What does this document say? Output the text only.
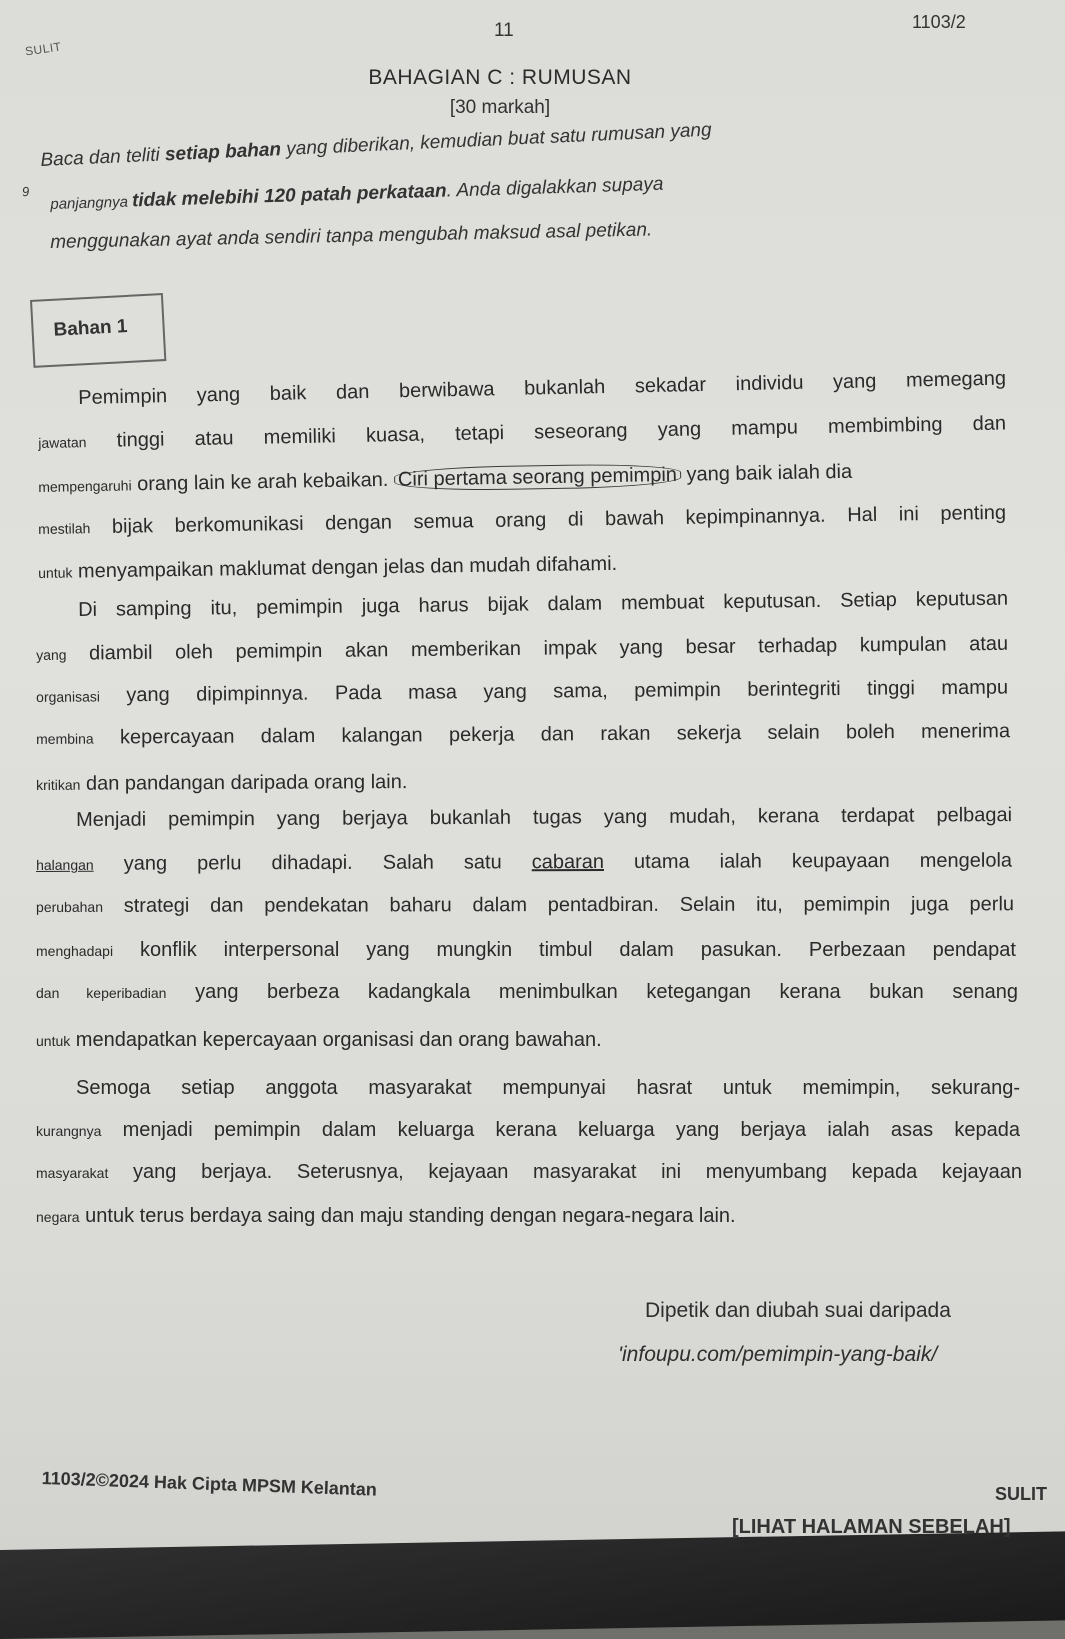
11	1103/2
SULIT
BAHAGIAN C : RUMUSAN
[30 markah]
9
Baca dan teliti setiap bahan yang diberikan, kemudian buat satu rumusan yang
panjangnya tidak melebihi 120 patah perkataan. Anda digalakkan supaya
menggunakan ayat anda sendiri tanpa mengubah maksud asal petikan.
Bahan 1
Pemimpin yang baik dan berwibawa bukanlah sekadar individu yang memegang
jawatan tinggi atau memiliki kuasa, tetapi seseorang yang mampu membimbing dan
mempengaruhi orang lain ke arah kebaikan. Ciri pertama seorang pemimpin yang baik ialah dia
mestilah bijak berkomunikasi dengan semua orang di bawah kepimpinannya. Hal ini penting
untuk menyampaikan maklumat dengan jelas dan mudah difahami.
Di samping itu, pemimpin juga harus bijak dalam membuat keputusan. Setiap keputusan
yang diambil oleh pemimpin akan memberikan impak yang besar terhadap kumpulan atau
organisasi yang dipimpinnya. Pada masa yang sama, pemimpin berintegriti tinggi mampu
membina kepercayaan dalam kalangan pekerja dan rakan sekerja selain boleh menerima
kritikan dan pandangan daripada orang lain.
Menjadi pemimpin yang berjaya bukanlah tugas yang mudah, kerana terdapat pelbagai
halangan yang perlu dihadapi. Salah satu cabaran utama ialah keupayaan mengelola
perubahan strategi dan pendekatan baharu dalam pentadbiran. Selain itu, pemimpin juga perlu
menghadapi konflik interpersonal yang mungkin timbul dalam pasukan. Perbezaan pendapat
dan keperibadian yang berbeza kadangkala menimbulkan ketegangan kerana bukan senang
untuk mendapatkan kepercayaan organisasi dan orang bawahan.
Semoga setiap anggota masyarakat mempunyai hasrat untuk memimpin, sekurang-
kurangnya menjadi pemimpin dalam keluarga kerana keluarga yang berjaya ialah asas kepada
masyarakat yang berjaya. Seterusnya, kejayaan masyarakat ini menyumbang kepada kejayaan
negara untuk terus berdaya saing dan maju standing dengan negara-negara lain.
Dipetik dan diubah suai daripada
'infoupu.com/pemimpin-yang-baik/
1103/2©2024 Hak Cipta MPSM Kelantan	SULIT
[LIHAT HALAMAN SEBELAH]
